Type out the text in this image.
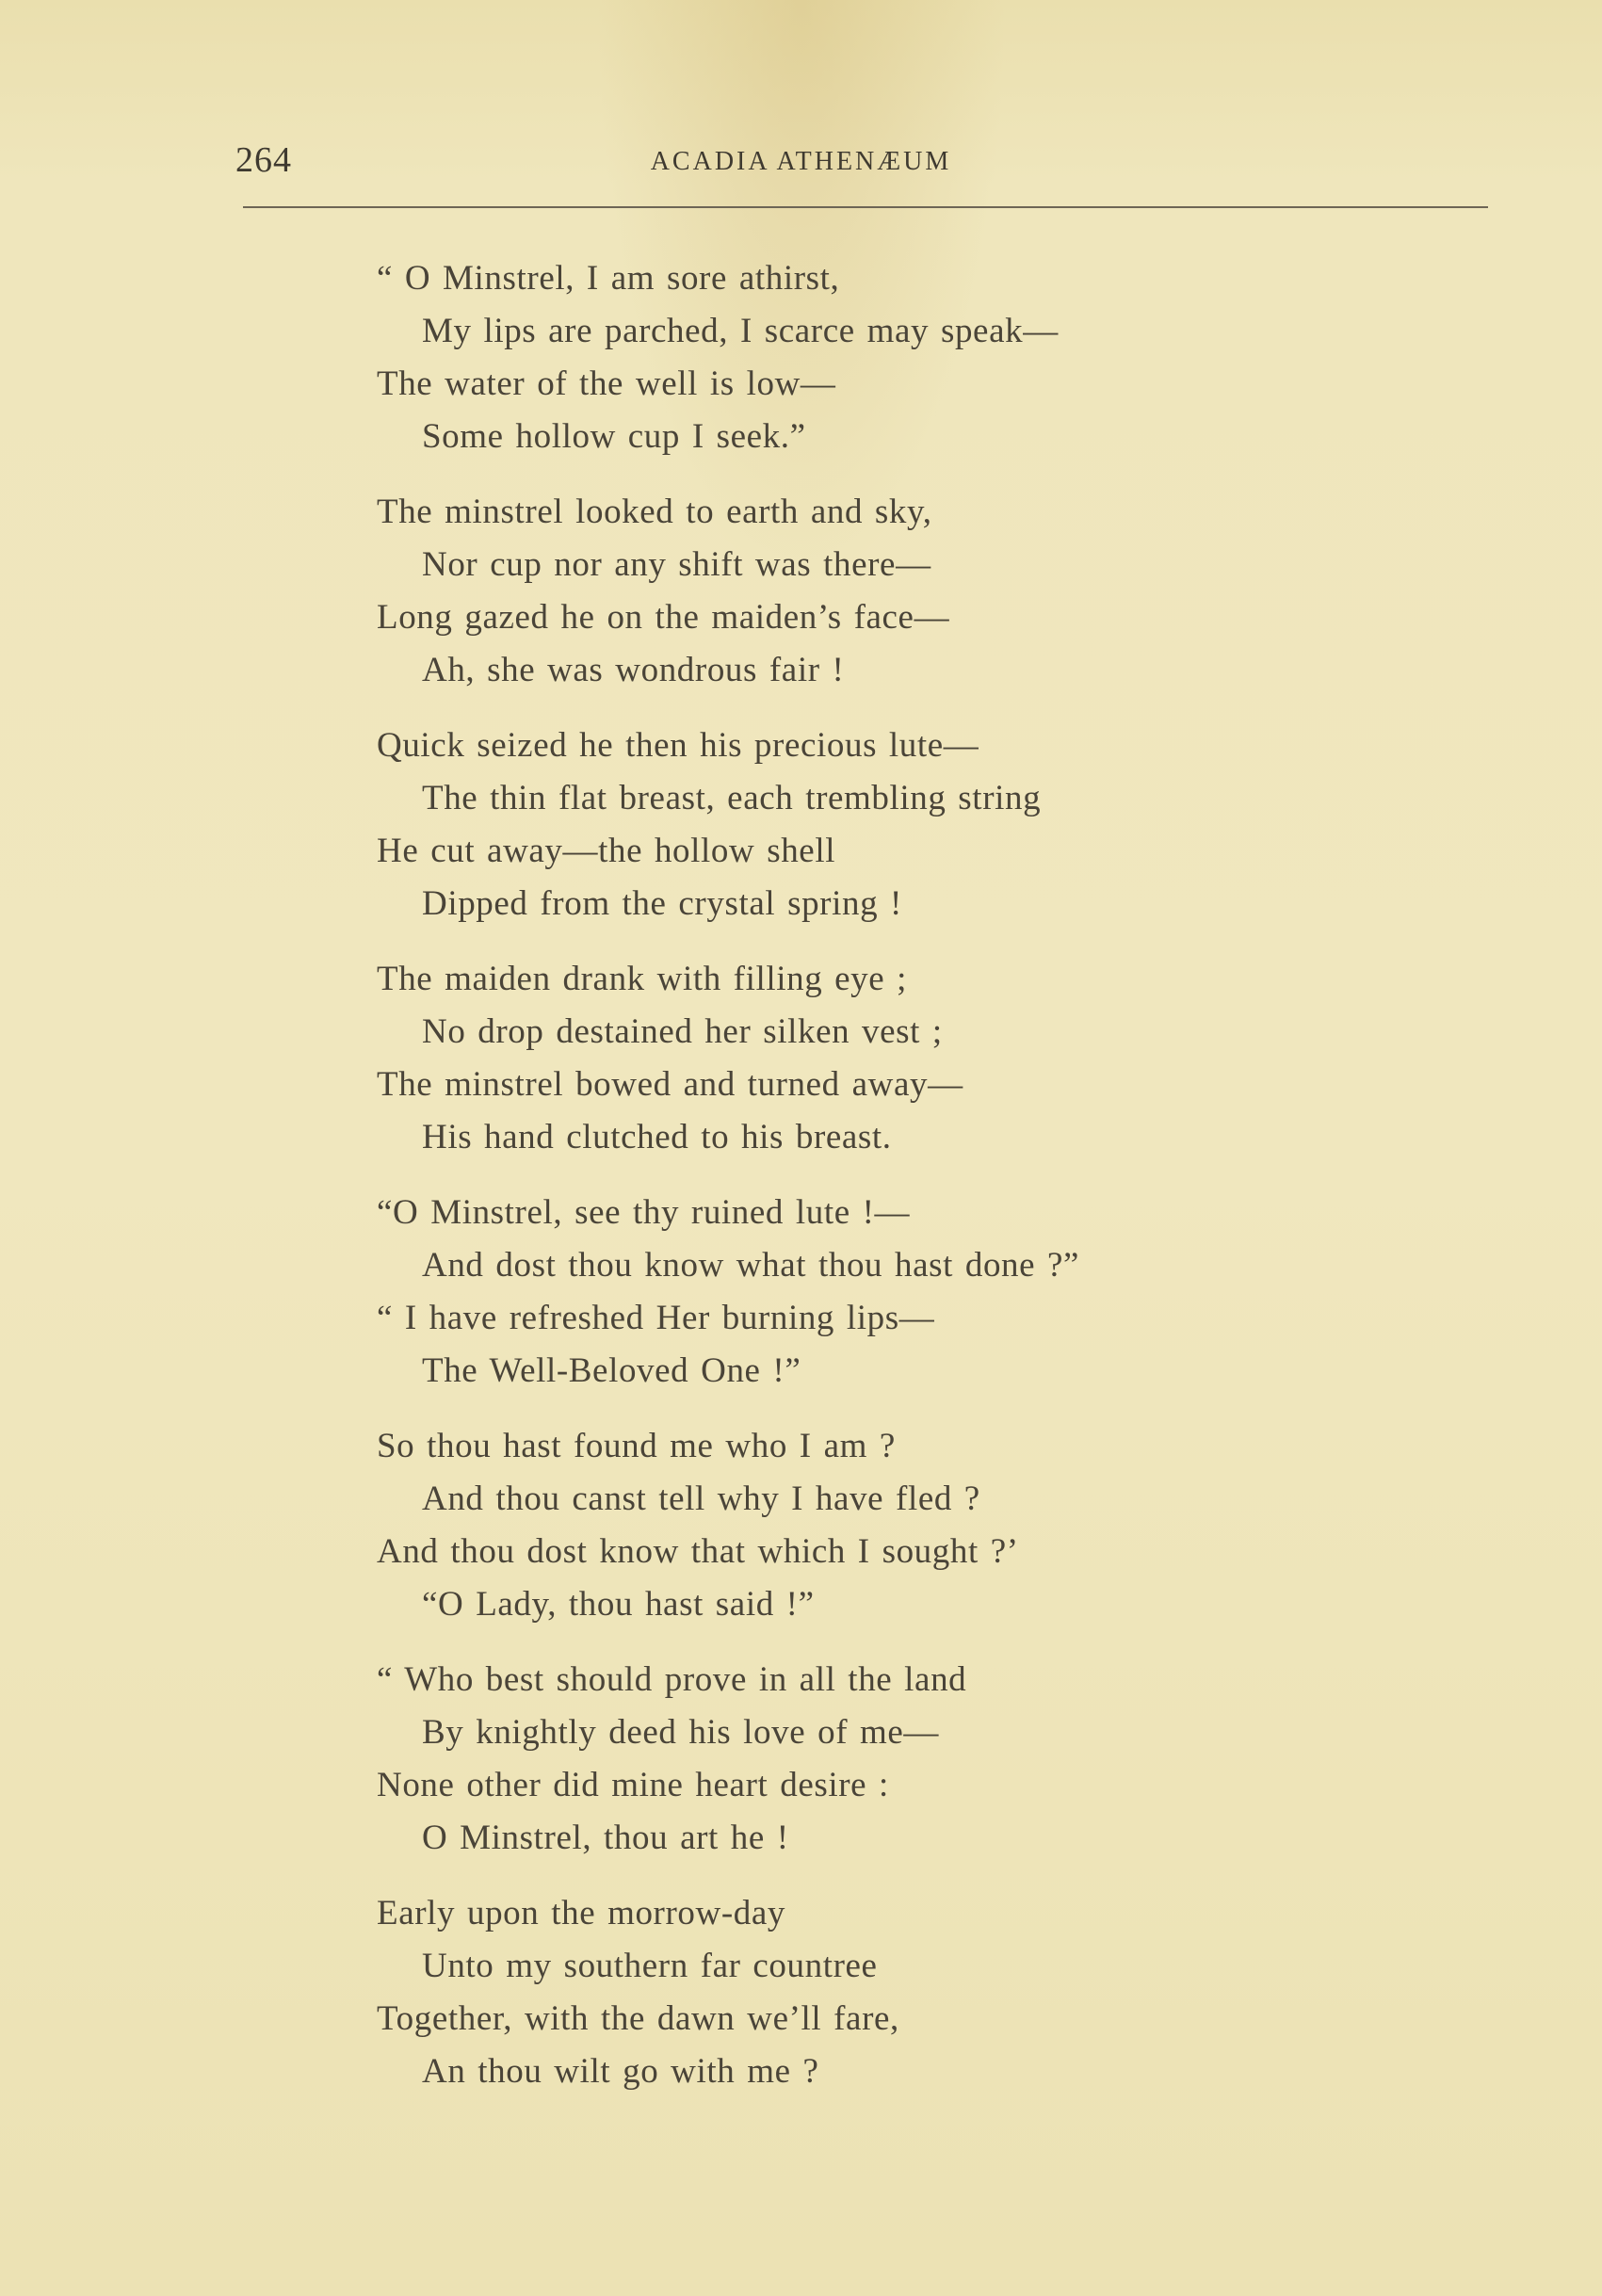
264	ACADIA ATHENÆUM
“ O Minstrel, I am sore athirst,
My lips are parched, I scarce may speak—
The water of the well is low—
Some hollow cup I seek.”
The minstrel looked to earth and sky,
Nor cup nor any shift was there—
Long gazed he on the maiden’s face—
Ah, she was wondrous fair !
Quick seized he then his precious lute—
The thin flat breast, each trembling string
He cut away—the hollow shell
Dipped from the crystal spring !
The maiden drank with filling eye ;
No drop destained her silken vest ;
The minstrel bowed and turned away—
His hand clutched to his breast.
“O Minstrel, see thy ruined lute !—
And dost thou know what thou hast done ?”
“ I have refreshed Her burning lips—
The Well-Beloved One !”
So thou hast found me who I am ?
And thou canst tell why I have fled ?
And thou dost know that which I sought ?’
“O Lady, thou hast said !”
“ Who best should prove in all the land
By knightly deed his love of me—
None other did mine heart desire :
O Minstrel, thou art he !
Early upon the morrow-day
Unto my southern far countree
Together, with the dawn we’ll fare,
An thou wilt go with me ?
